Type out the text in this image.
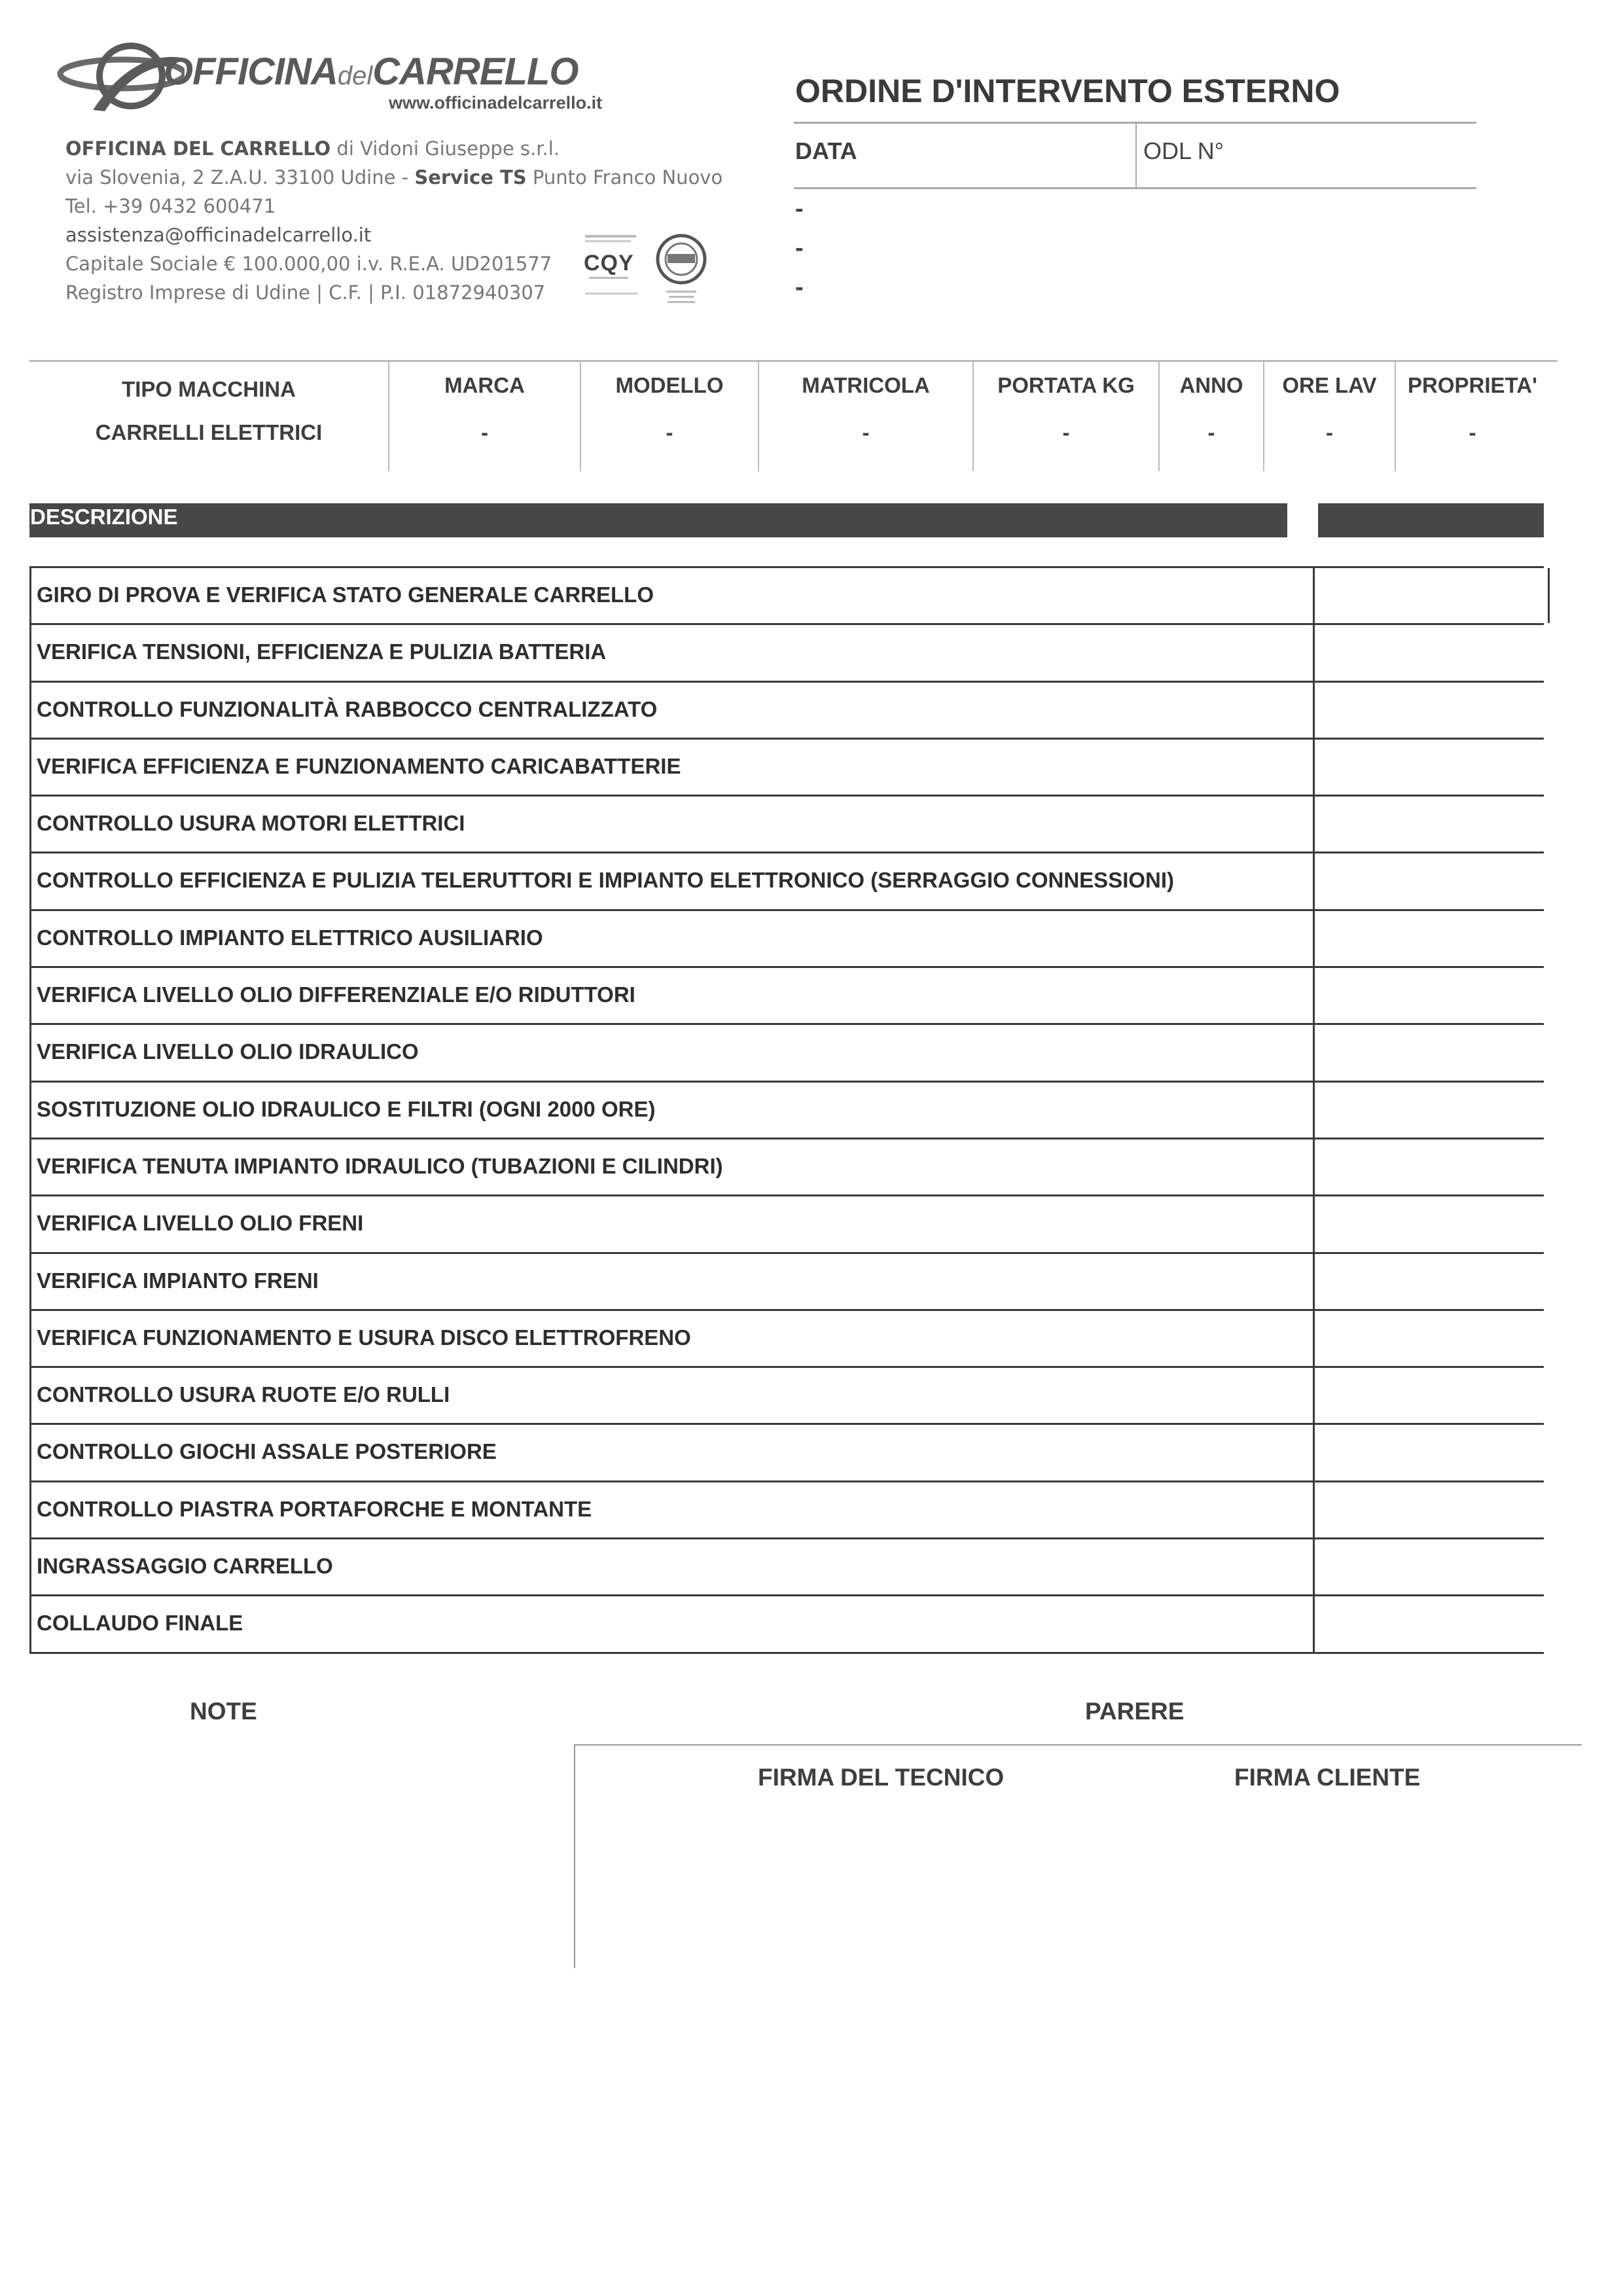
OFFICINAdelCARRELLO
www.officinadelcarrello.it
OFFICINA DEL CARRELLO di Vidoni Giuseppe s.r.l.
via Slovenia, 2 Z.A.U. 33100 Udine - Service TS Punto Franco Nuovo
Tel. +39 0432 600471
assistenza@officinadelcarrello.it
Capitale Sociale € 100.000,00 i.v. R.E.A. UD201577
Registro Imprese di Udine | C.F. | P.I. 01872940307
CQY
ORDINE D'INTERVENTO ESTERNO
DATA	ODL N°
-
-
-
TIPO MACCHINA	MARCA	MODELLO	MATRICOLA	PORTATA KG	ANNO	ORE LAV	PROPRIETA'
CARRELLI ELETTRICI	-	-	-	-	-	-	-
DESCRIZIONE
GIRO DI PROVA E VERIFICA STATO GENERALE CARRELLO
VERIFICA TENSIONI, EFFICIENZA E PULIZIA BATTERIA
CONTROLLO FUNZIONALITÀ RABBOCCO CENTRALIZZATO
VERIFICA EFFICIENZA E FUNZIONAMENTO CARICABATTERIE
CONTROLLO USURA MOTORI ELETTRICI
CONTROLLO EFFICIENZA E PULIZIA TELERUTTORI E IMPIANTO ELETTRONICO (SERRAGGIO CONNESSIONI)
CONTROLLO IMPIANTO ELETTRICO AUSILIARIO
VERIFICA LIVELLO OLIO DIFFERENZIALE E/O RIDUTTORI
VERIFICA LIVELLO OLIO IDRAULICO
SOSTITUZIONE OLIO IDRAULICO E FILTRI (OGNI 2000 ORE)
VERIFICA TENUTA IMPIANTO IDRAULICO (TUBAZIONI E CILINDRI)
VERIFICA LIVELLO OLIO FRENI
VERIFICA IMPIANTO FRENI
VERIFICA FUNZIONAMENTO E USURA DISCO ELETTROFRENO
CONTROLLO USURA RUOTE E/O RULLI
CONTROLLO GIOCHI ASSALE POSTERIORE
CONTROLLO PIASTRA PORTAFORCHE E MONTANTE
INGRASSAGGIO CARRELLO
COLLAUDO FINALE
NOTE	PARERE
FIRMA DEL TECNICO	FIRMA CLIENTE
